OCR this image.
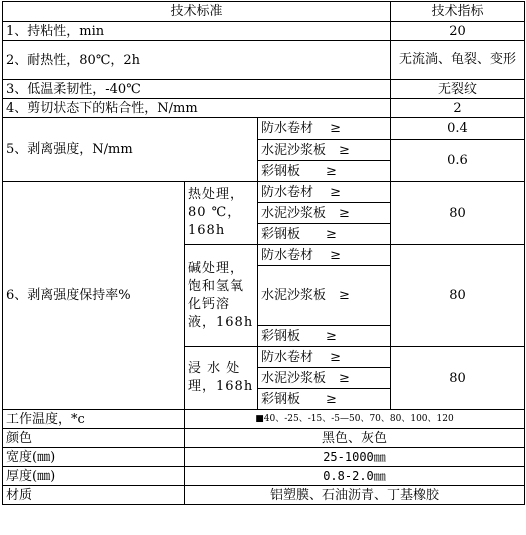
技术标准			技术指标
1、持粘性，min			20
2、耐热性，80℃，2h			无流淌、龟裂、变形
3、低温柔韧性，-40℃			无裂纹
4、剪切状态下的粘合性，N/mm			2
5、剥离强度，N/mm		防水卷材　 ≥	0.4
		水泥沙浆板　≥	0.6
		彩钢板　　≥	
6、剥离强度保持率%	热处理，80 ℃，168h	防水卷材　 ≥	80
		水泥沙浆板　≥	
		彩钢板　　≥	
	碱处理，饱和氢氧化钙溶液，168h	防水卷材　 ≥	80
		水泥沙浆板　≥	
		彩钢板　　≥	
	浸 水 处 理，168h	防水卷材　 ≥	80
		水泥沙浆板　≥	
		彩钢板　　≥	
工作温度，*c	■40、-25、-15、-5—50、70、80、100、120		
颜色	黑色、灰色		
宽度(㎜)	25-1000㎜		
厚度(㎜)	0.8-2.0㎜		
材质	铝塑膜、石油沥青、丁基橡胶		
